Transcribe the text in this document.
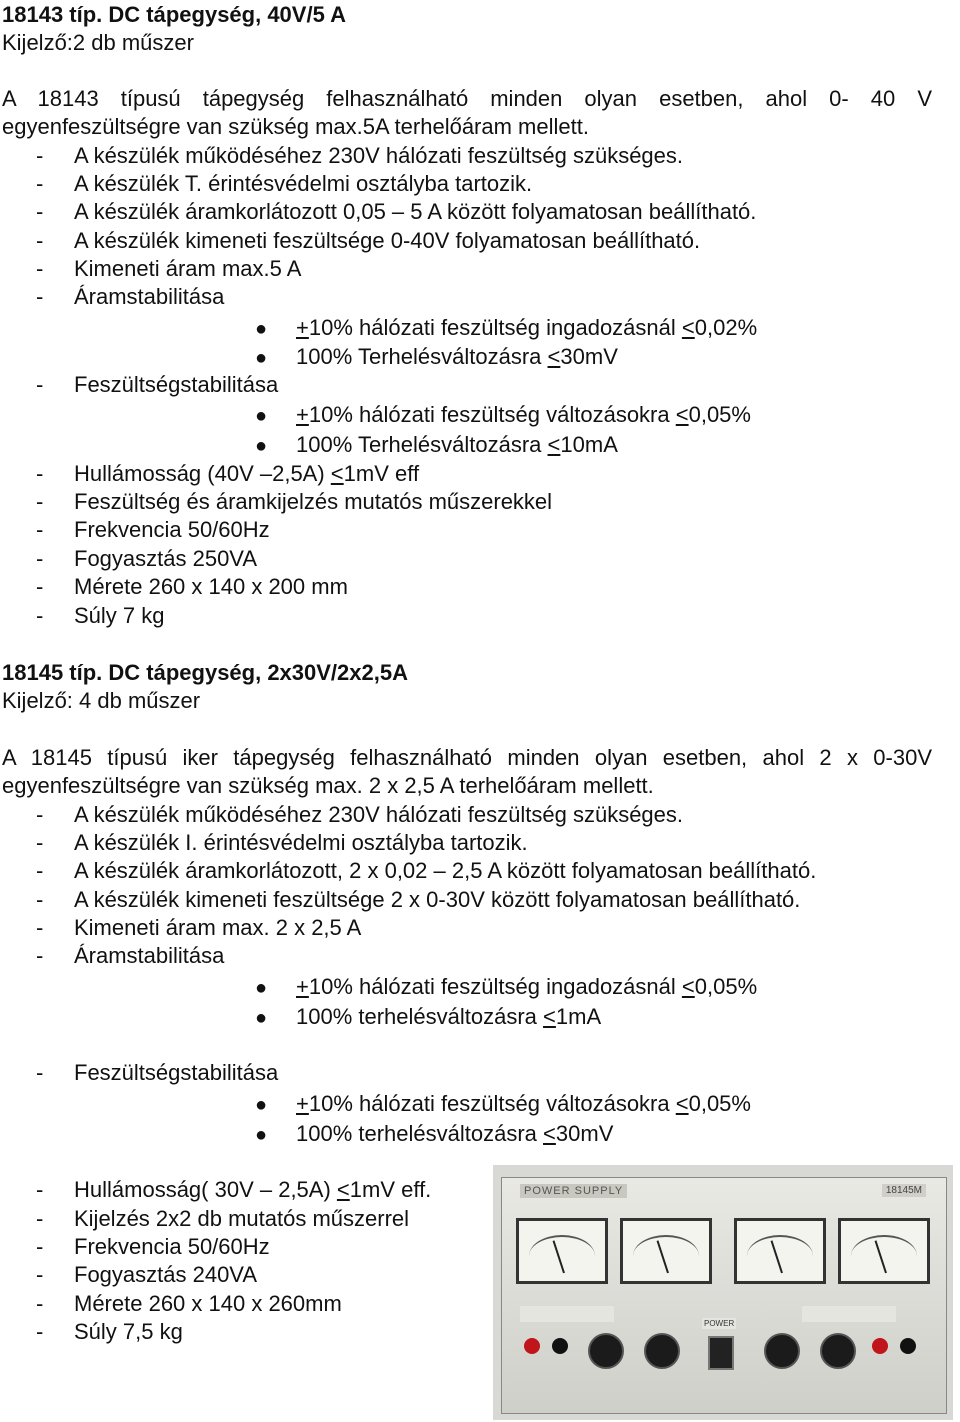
18143 típ. DC tápegység, 40V/5 A
Kijelző:2 db műszer
A 18143 típusú tápegység felhasználható minden olyan esetben, ahol 0- 40 V
egyenfeszültségre van szükség max.5A terhelőáram mellett.
- A készülék működéséhez 230V hálózati feszültség szükséges.
- A készülék T. érintésvédelmi osztályba tartozik.
- A készülék áramkorlátozott 0,05 – 5 A között folyamatosan beállítható.
- A készülék kimeneti feszültsége 0-40V folyamatosan beállítható.
- Kimeneti áram max.5 A
- Áramstabilitása
● +10% hálózati feszültség ingadozásnál <0,02%
● 100% Terhelésváltozásra <30mV
- Feszültségstabilitása
● +10% hálózati feszültség változásokra <0,05%
● 100% Terhelésváltozásra <10mA
- Hullámosság (40V –2,5A) <1mV eff
- Feszültség és áramkijelzés mutatós műszerekkel
- Frekvencia 50/60Hz
- Fogyasztás 250VA
- Mérete 260 x 140 x 200 mm
- Súly 7 kg
18145 típ. DC tápegység, 2x30V/2x2,5A
Kijelző: 4 db műszer
A 18145 típusú iker tápegység felhasználható minden olyan esetben, ahol 2 x 0-30V
egyenfeszültségre van szükség max. 2 x 2,5 A terhelőáram mellett.
- A készülék működéséhez 230V hálózati feszültség szükséges.
- A készülék I. érintésvédelmi osztályba tartozik.
- A készülék áramkorlátozott, 2 x 0,02 – 2,5 A között folyamatosan beállítható.
- A készülék kimeneti feszültsége 2 x 0-30V között folyamatosan beállítható.
- Kimeneti áram max. 2 x 2,5 A
- Áramstabilitása
● +10% hálózati feszültség ingadozásnál <0,05%
● 100% terhelésváltozásra <1mA
- Feszültségstabilitása
● +10% hálózati feszültség változásokra <0,05%
● 100% terhelésváltozásra <30mV
- Hullámosság( 30V – 2,5A) <1mV eff.
- Kijelzés 2x2 db mutatós műszerrel
- Frekvencia 50/60Hz
- Fogyasztás 240VA
- Mérete 260 x 140 x 260mm
- Súly 7,5 kg
POWER SUPPLY	18145M
POWER
